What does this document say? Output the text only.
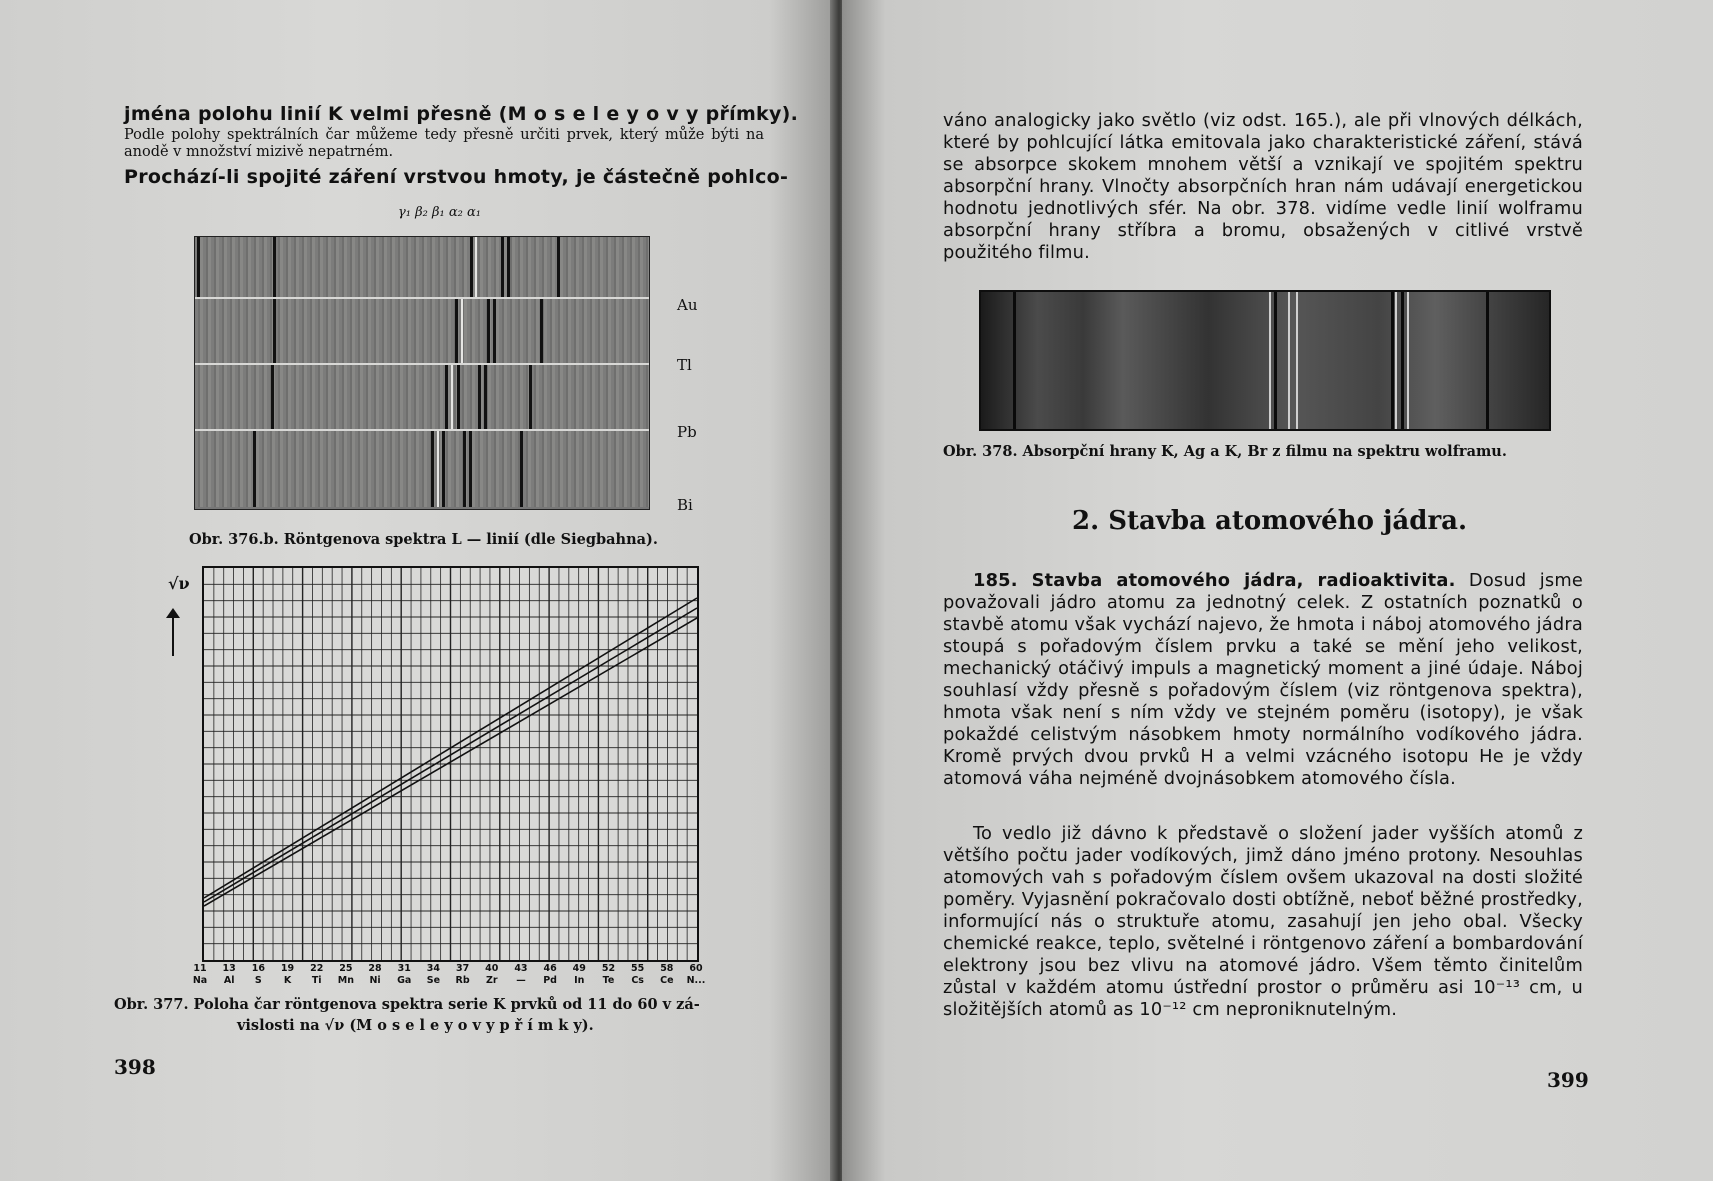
jména polohu linií K velmi přesně (M o s e l e y o v y přímky).
Podle polohy spektrálních čar můžeme tedy přesně určiti prvek, který může býti na anodě v množství mizivě nepatrném.
Prochází-li spojité záření vrstvou hmoty, je částečně pohlco-
γ₁ β₂ β₁ α₂ α₁
Au
Tl
Pb
Bi
Obr. 376.b. Röntgenova spektra L — linií (dle Siegbahna).
√ν
11	13	16	19	22	25	28	31	34	37	40	43	46	49	52	55	58	60
Na	Al	S	K	Ti	Mn	Ni	Ga	Se	Rb	Zr	—	Pd	In	Te	Cs	Ce	N...
Obr. 377. Poloha čar röntgenova spektra serie K prvků od 11 do 60 v zá-
vislosti na √ν (M o s e l e y o v y p ř í m k y).
398

váno analogicky jako světlo (viz odst. 165.), ale při vlnových délkách, které by pohlcující látka emitovala jako charakteristické záření, stává se absorpce skokem mnohem větší a vznikají ve spojitém spektru absorpční hrany. Vlnočty absorpčních hran nám udávají energetickou hodnotu jednotlivých sfér. Na obr. 378. vidíme vedle linií wolframu absorpční hrany stříbra a bromu, obsažených v citlivé vrstvě použitého filmu.

Obr. 378. Absorpční hrany K, Ag a K, Br z filmu na spektru wolframu.
2. Stavba atomového jádra.

185. Stavba atomového jádra, radioaktivita. Dosud jsme považovali jádro atomu za jednotný celek. Z ostatních poznatků o stavbě atomu však vychází najevo, že hmota i náboj atomového jádra stoupá s pořadovým číslem prvku a také se mění jeho velikost, mechanický otáčivý impuls a magnetický moment a jiné údaje. Náboj souhlasí vždy přesně s pořadovým číslem (viz röntgenova spektra), hmota však není s ním vždy ve stejném poměru (isotopy), je však pokaždé celistvým násobkem hmoty normálního vodíkového jádra. Kromě prvých dvou prvků H a velmi vzácného isotopu He je vždy atomová váha nejméně dvojnásobkem atomového čísla.

To vedlo již dávno k představě o složení jader vyšších atomů z většího počtu jader vodíkových, jimž dáno jméno protony. Nesouhlas atomových vah s pořadovým číslem ovšem ukazoval na dosti složité poměry. Vyjasnění pokračovalo dosti obtížně, neboť běžné prostředky, informující nás o struktuře atomu, zasahují jen jeho obal. Všecky chemické reakce, teplo, světelné i röntgenovo záření a bombardování elektrony jsou bez vlivu na atomové jádro. Všem těmto činitelům zůstal v každém atomu ústřední prostor o průměru asi 10⁻¹³ cm, u složitějších atomů as 10⁻¹² cm neproniknutelným.

399
